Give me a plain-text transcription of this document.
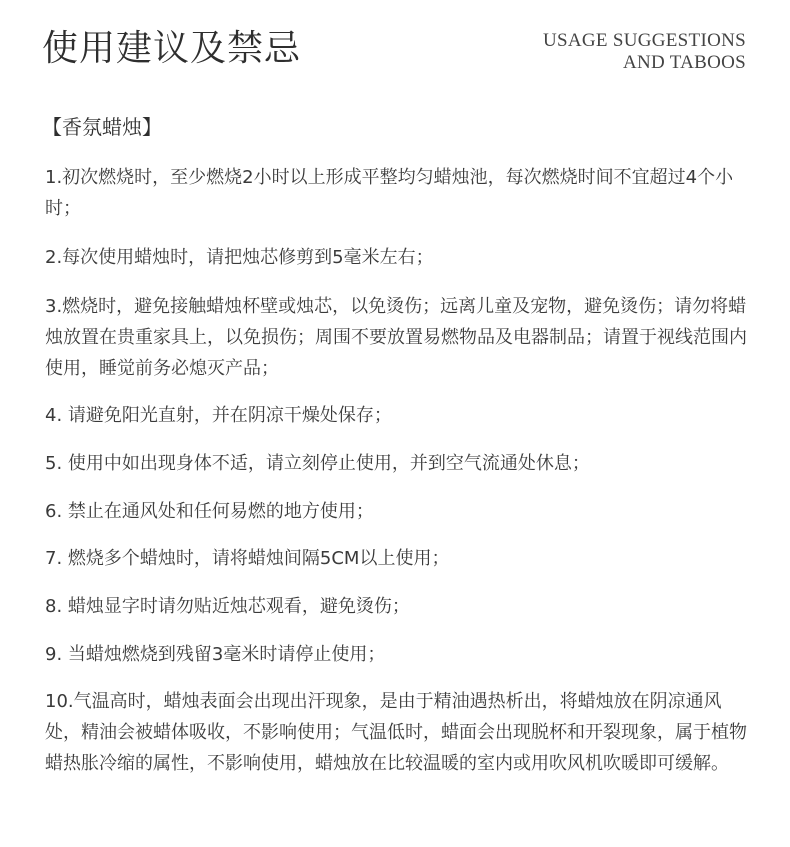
使用建议及禁忌	USAGE SUGGESTIONS
AND TABOOS
【香氛蜡烛】
1.初次燃烧时，至少燃烧2小时以上形成平整均匀蜡烛池，每次燃烧时间不宜超过4个小时；
2.每次使用蜡烛时，请把烛芯修剪到5毫米左右；
3.燃烧时，避免接触蜡烛杯壁或烛芯，以免烫伤；远离儿童及宠物，避免烫伤；请勿将蜡烛放置在贵重家具上，以免损伤；周围不要放置易燃物品及电器制品；请置于视线范围内使用，睡觉前务必熄灭产品；
4. 请避免阳光直射，并在阴凉干燥处保存；
5. 使用中如出现身体不适，请立刻停止使用，并到空气流通处休息；
6. 禁止在通风处和任何易燃的地方使用；
7. 燃烧多个蜡烛时，请将蜡烛间隔5CM以上使用；
8. 蜡烛显字时请勿贴近烛芯观看，避免烫伤；
9. 当蜡烛燃烧到残留3毫米时请停止使用；
10.气温高时，蜡烛表面会出现出汗现象，是由于精油遇热析出，将蜡烛放在阴凉通风处，精油会被蜡体吸收，不影响使用；气温低时，蜡面会出现脱杯和开裂现象，属于植物蜡热胀冷缩的属性，不影响使用，蜡烛放在比较温暖的室内或用吹风机吹暖即可缓解。
